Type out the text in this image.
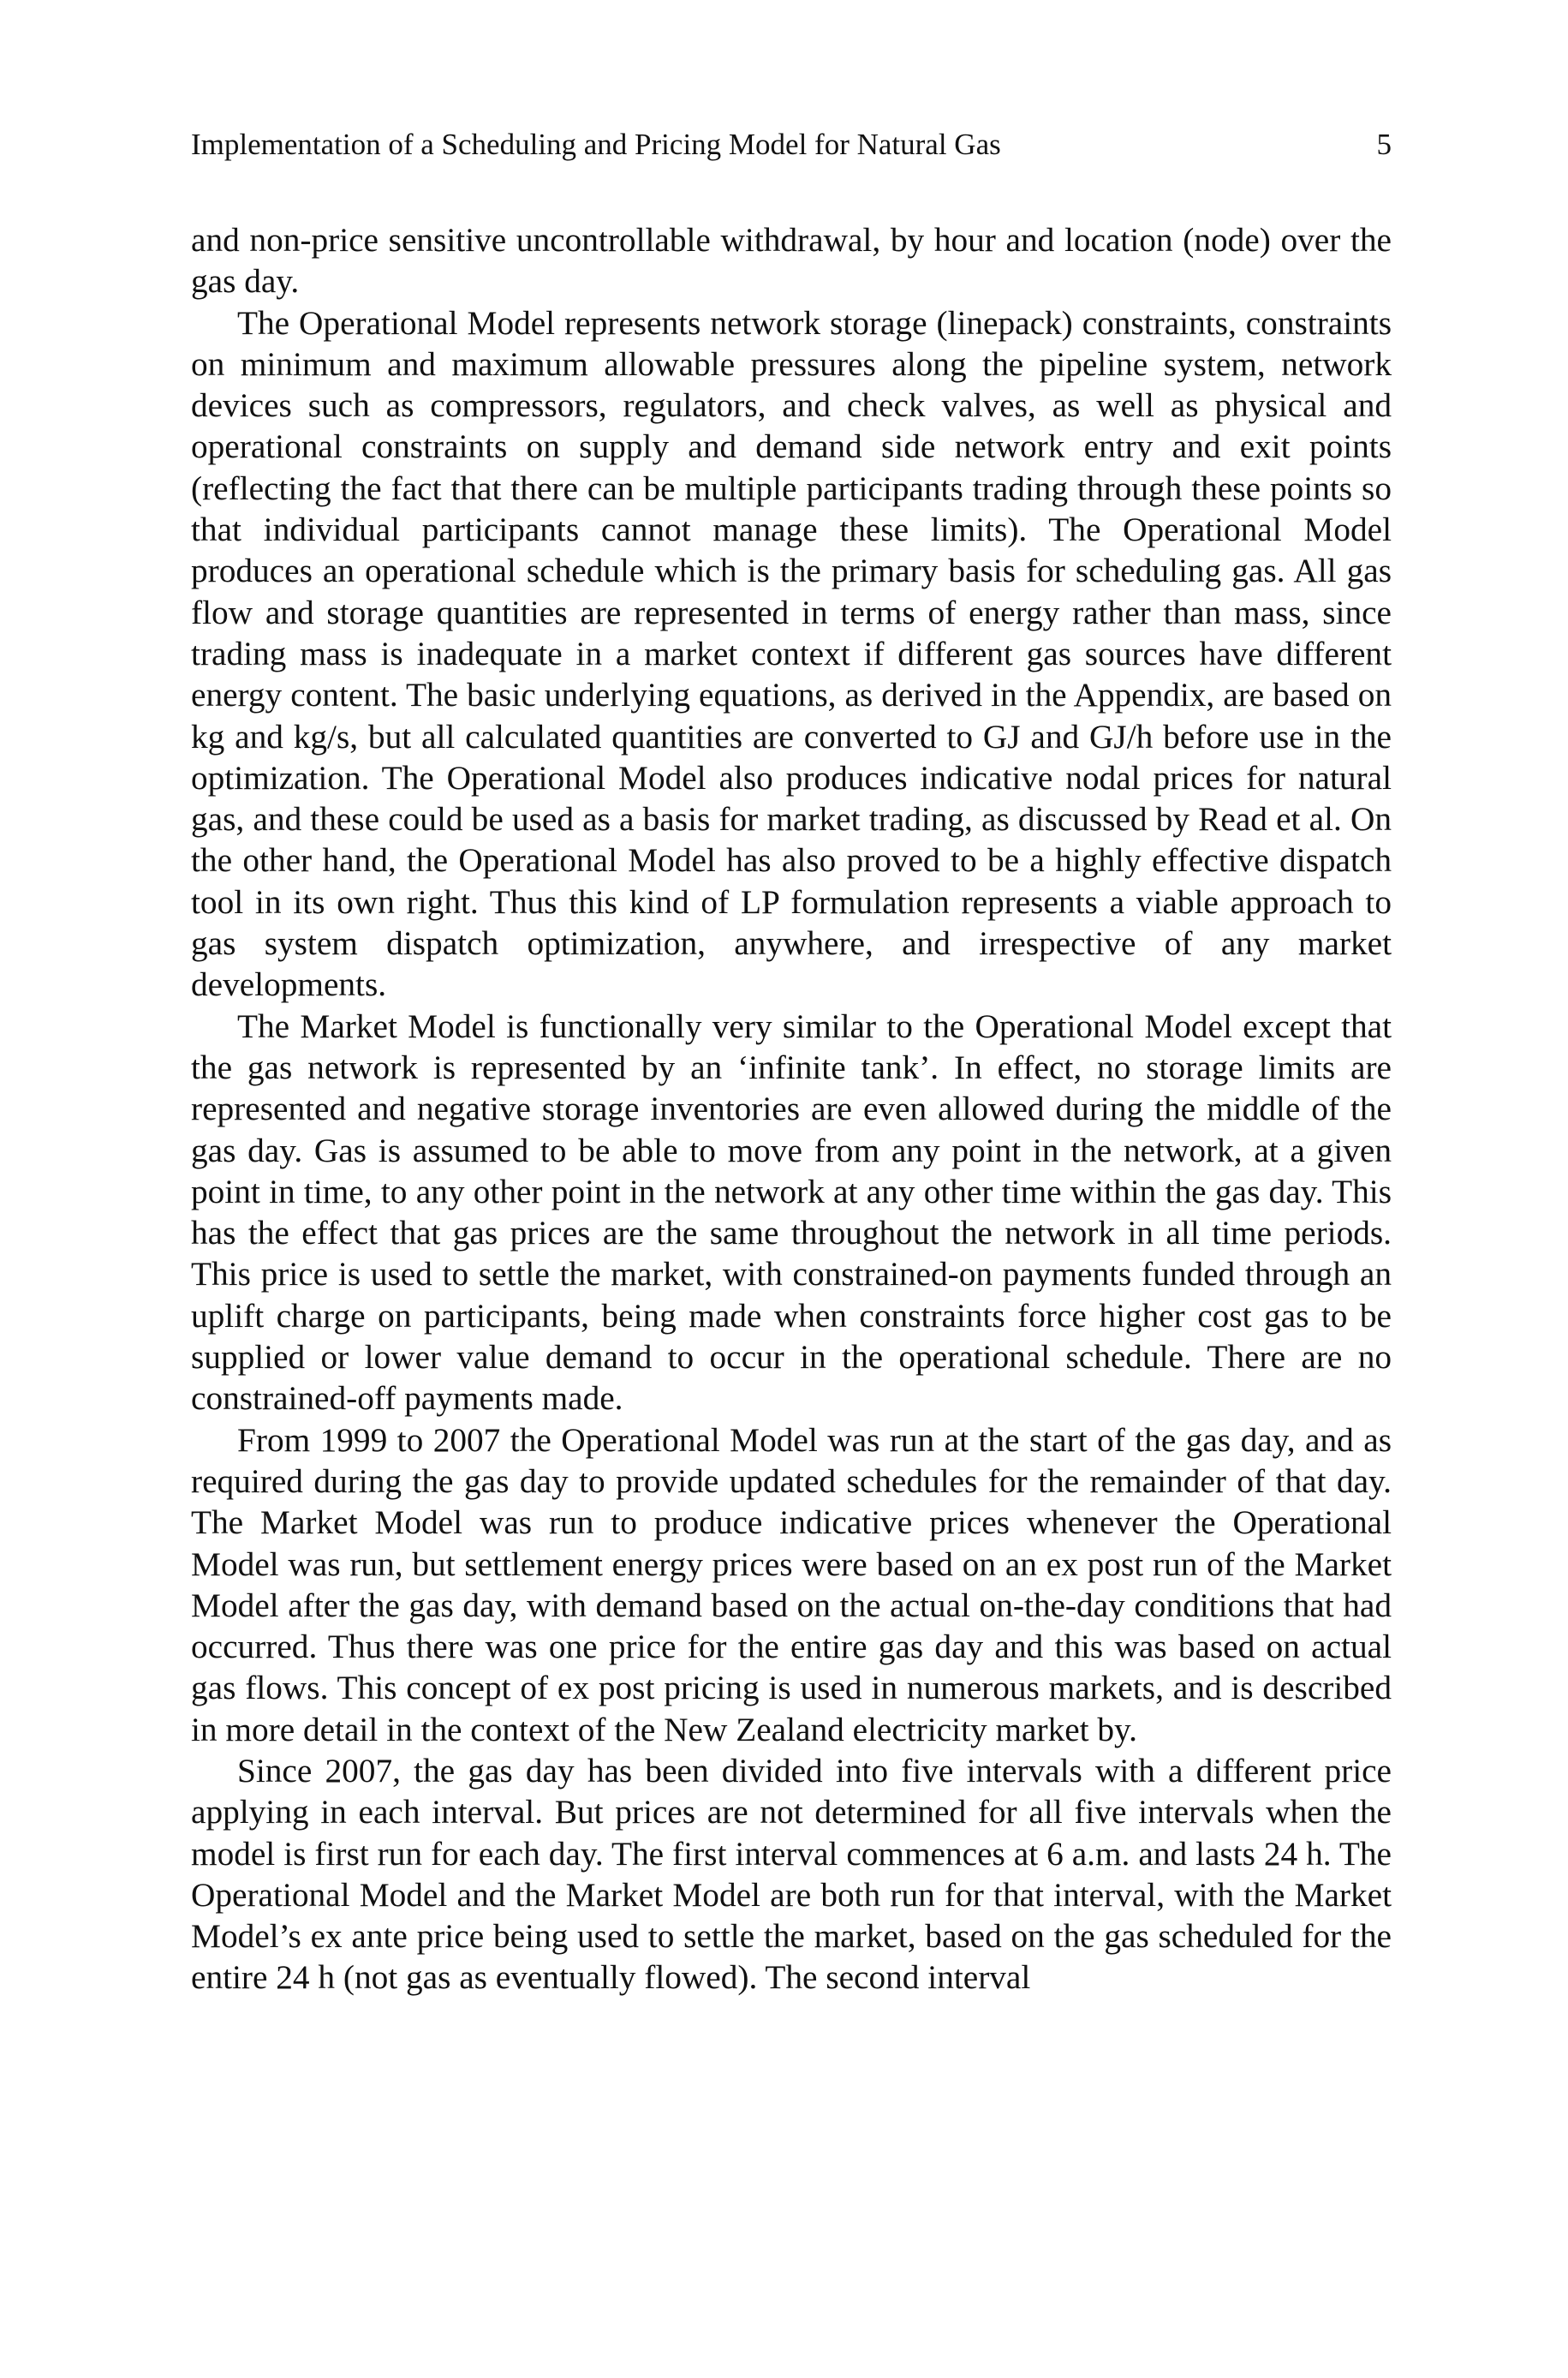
Implementation of a Scheduling and Pricing Model for Natural Gas	5

and non-price sensitive uncontrollable withdrawal, by hour and location (node) over the gas day.

The Operational Model represents network storage (linepack) constraints, constraints on minimum and maximum allowable pressures along the pipeline system, network devices such as compressors, regulators, and check valves, as well as physical and operational constraints on supply and demand side network entry and exit points (reflecting the fact that there can be multiple participants trading through these points so that individual participants cannot manage these limits). The Operational Model produces an operational schedule which is the primary basis for scheduling gas. All gas flow and storage quantities are represented in terms of energy rather than mass, since trading mass is inadequate in a market context if different gas sources have different energy content. The basic underlying equations, as derived in the Appendix, are based on kg and kg/s, but all calculated quantities are converted to GJ and GJ/h before use in the optimization. The Operational Model also produces indicative nodal prices for natural gas, and these could be used as a basis for market trading, as discussed by Read et al. On the other hand, the Operational Model has also proved to be a highly effective dispatch tool in its own right. Thus this kind of LP formulation represents a viable approach to gas system dispatch optimization, anywhere, and irrespective of any market developments.

The Market Model is functionally very similar to the Operational Model except that the gas network is represented by an ‘infinite tank’. In effect, no storage limits are represented and negative storage inventories are even allowed during the middle of the gas day. Gas is assumed to be able to move from any point in the network, at a given point in time, to any other point in the network at any other time within the gas day. This has the effect that gas prices are the same throughout the network in all time periods. This price is used to settle the market, with constrained-on payments funded through an uplift charge on participants, being made when constraints force higher cost gas to be supplied or lower value demand to occur in the operational schedule. There are no constrained-off payments made.

From 1999 to 2007 the Operational Model was run at the start of the gas day, and as required during the gas day to provide updated schedules for the remainder of that day. The Market Model was run to produce indicative prices whenever the Operational Model was run, but settlement energy prices were based on an ex post run of the Market Model after the gas day, with demand based on the actual on-the-day conditions that had occurred. Thus there was one price for the entire gas day and this was based on actual gas flows. This concept of ex post pricing is used in numerous markets, and is described in more detail in the context of the New Zealand electricity market by.

Since 2007, the gas day has been divided into five intervals with a different price applying in each interval. But prices are not determined for all five intervals when the model is first run for each day. The first interval commences at 6 a.m. and lasts 24 h. The Operational Model and the Market Model are both run for that interval, with the Market Model’s ex ante price being used to settle the market, based on the gas scheduled for the entire 24 h (not gas as eventually flowed). The second interval
